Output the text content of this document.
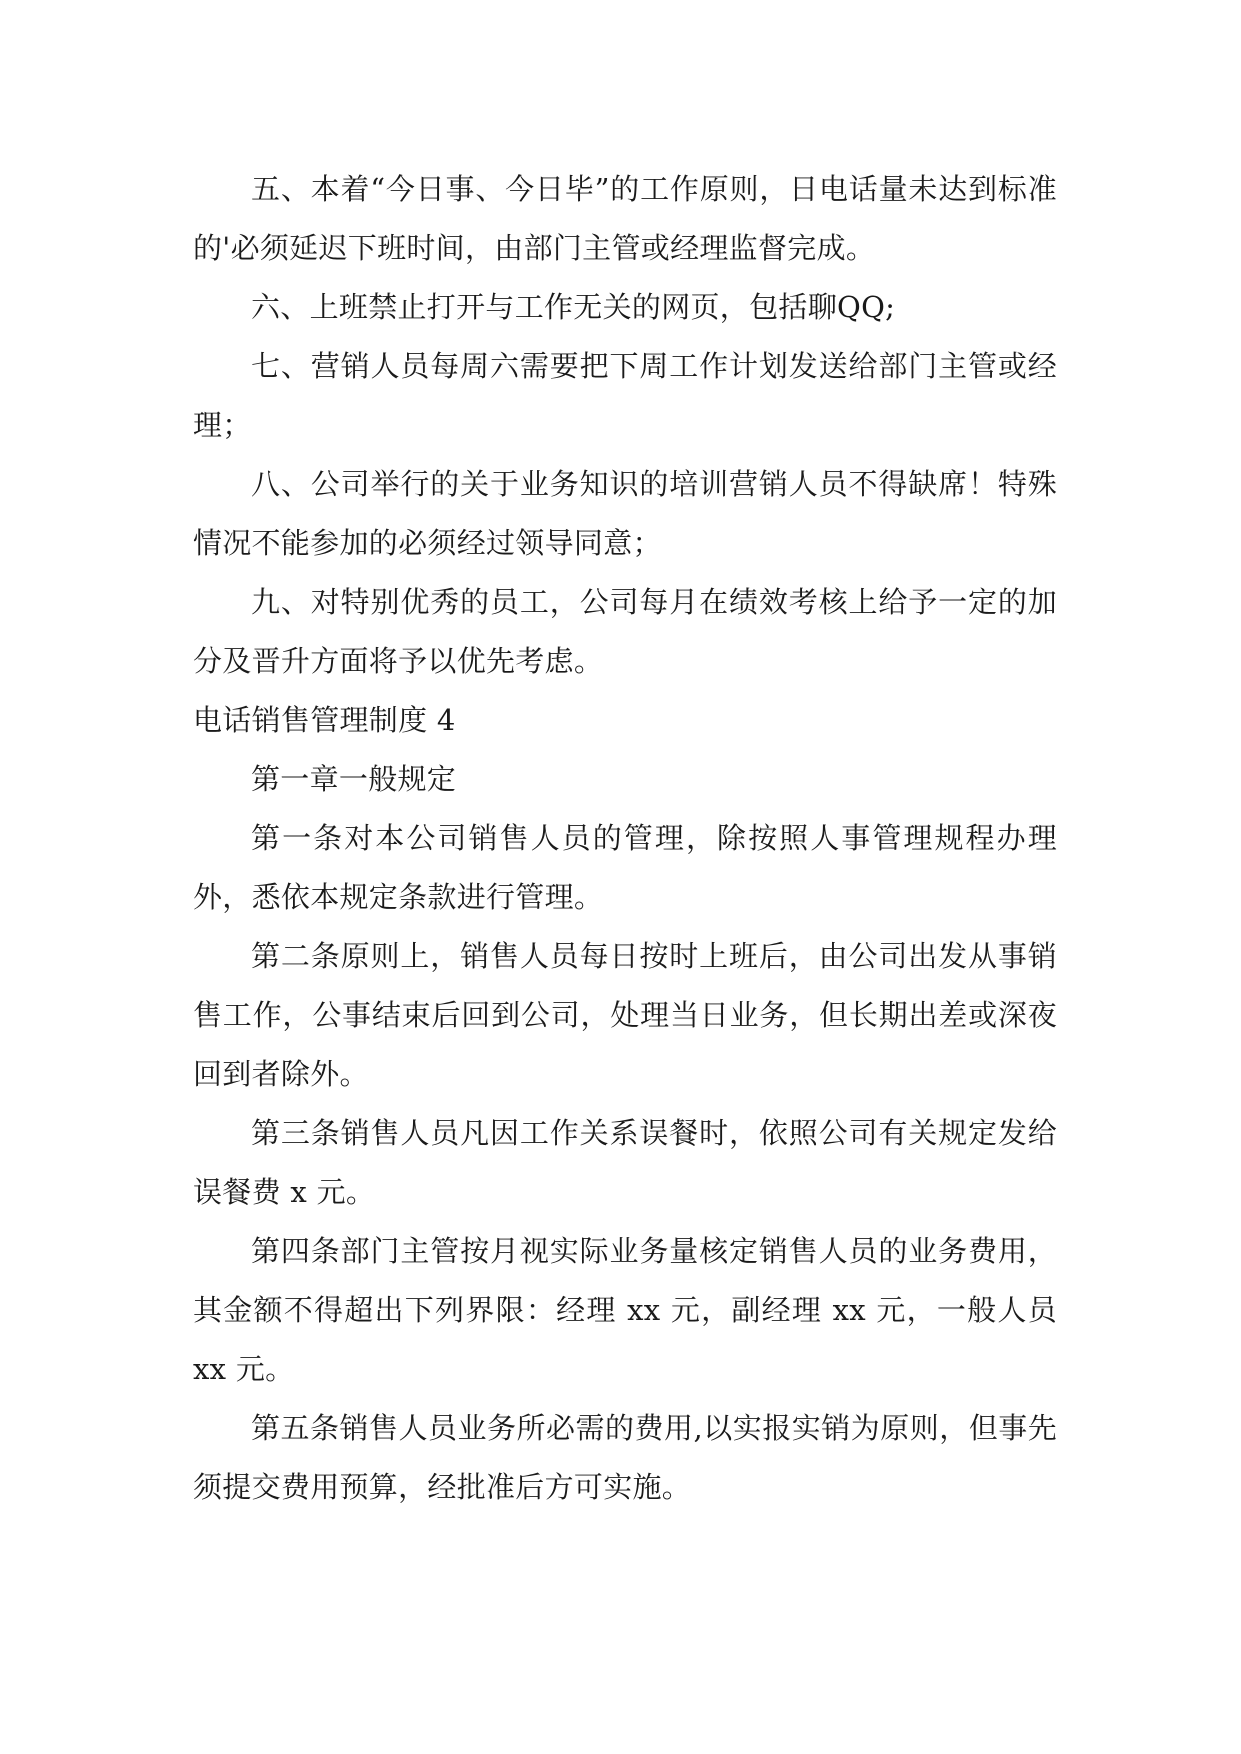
五、本着“今日事、今日毕”的工作原则，日电话量未达到标准的'必须延迟下班时间，由部门主管或经理监督完成。

六、上班禁止打开与工作无关的网页，包括聊QQ;

七、营销人员每周六需要把下周工作计划发送给部门主管或经理；

八、公司举行的关于业务知识的培训营销人员不得缺席！特殊情况不能参加的必须经过领导同意；

九、对特别优秀的员工，公司每月在绩效考核上给予一定的加分及晋升方面将予以优先考虑。

电话销售管理制度 4

第一章一般规定

第一条对本公司销售人员的管理，除按照人事管理规程办理外，悉依本规定条款进行管理。

第二条原则上，销售人员每日按时上班后，由公司出发从事销售工作，公事结束后回到公司，处理当日业务，但长期出差或深夜回到者除外。

第三条销售人员凡因工作关系误餐时，依照公司有关规定发给误餐费 x 元。

第四条部门主管按月视实际业务量核定销售人员的业务费用，其金额不得超出下列界限：经理 xx 元，副经理 xx 元，一般人员 xx 元。

第五条销售人员业务所必需的费用,以实报实销为原则，但事先须提交费用预算，经批准后方可实施。
